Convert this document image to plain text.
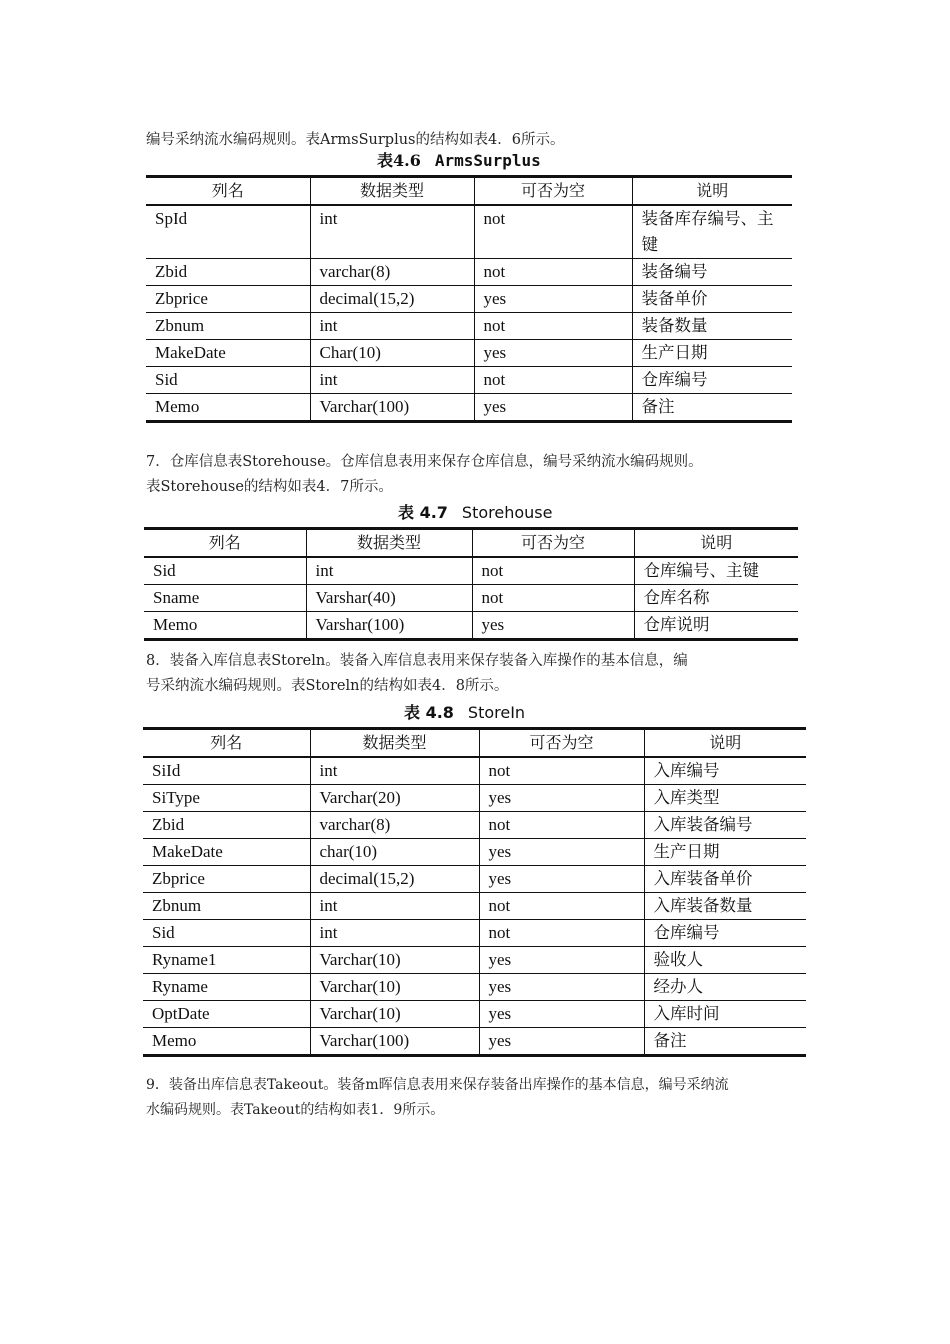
编号采纳流水编码规则。表ArmsSurplus的结构如表4．6所示。
表4.6 ArmsSurplus
列名	数据类型	可否为空	说明
SpId	int	not	装备库存编号、主键
Zbid	varchar(8)	not	装备编号
Zbprice	decimal(15,2)	yes	装备单价
Zbnum	int	not	装备数量
MakeDate	Char(10)	yes	生产日期
Sid	int	not	仓库编号
Memo	Varchar(100)	yes	备注
7．仓库信息表Storehouse。仓库信息表用来保存仓库信息，编号采纳流水编码规则。
表Storehouse的结构如表4．7所示。
表 4.7 Storehouse
列名	数据类型	可否为空	说明
Sid	int	not	仓库编号、主键
Sname	Varshar(40)	not	仓库名称
Memo	Varshar(100)	yes	仓库说明
8．装备入库信息表Storeln。装备入库信息表用来保存装备入库操作的基本信息，编
号采纳流水编码规则。表Storeln的结构如表4．8所示。
表 4.8 StoreIn
列名	数据类型	可否为空	说明
SiId	int	not	入库编号
SiType	Varchar(20)	yes	入库类型
Zbid	varchar(8)	not	入库装备编号
MakeDate	char(10)	yes	生产日期
Zbprice	decimal(15,2)	yes	入库装备单价
Zbnum	int	not	入库装备数量
Sid	int	not	仓库编号
Ryname1	Varchar(10)	yes	验收人
Ryname	Varchar(10)	yes	经办人
OptDate	Varchar(10)	yes	入库时间
Memo	Varchar(100)	yes	备注
9．装备出库信息表Takeout。装备m晖信息表用来保存装备出库操作的基本信息，编号采纳流
水编码规则。表Takeout的结构如表1．9所示。
